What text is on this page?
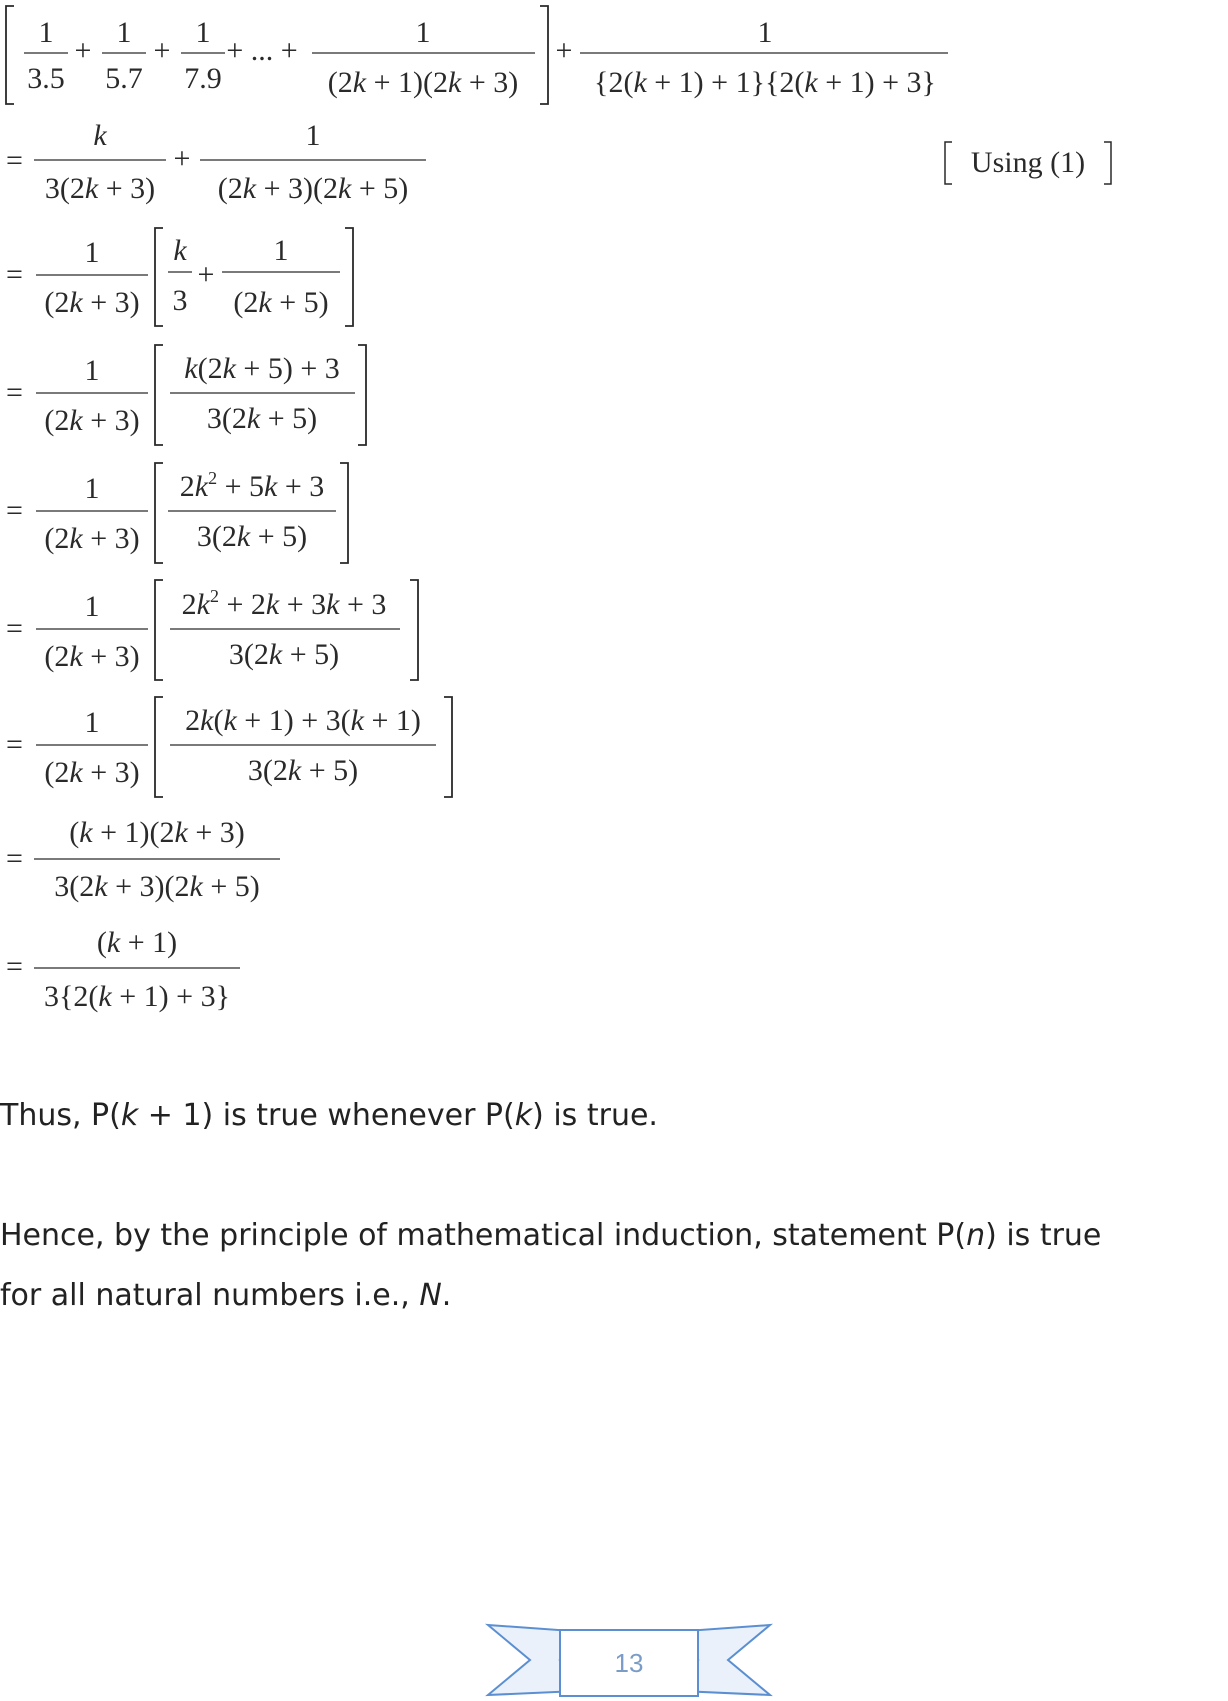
1
3.5
+
1
5.7
+
1
7.9
+ ... +
1
(2k + 1)(2k + 3)
+
1
{2(k + 1) + 1}{2(k + 1) + 3}
=
k
3(2k + 3)
+
1
(2k + 3)(2k + 5)
Using (1)
=
1
(2k + 3)
k
3
+
1
(2k + 5)
=
1
(2k + 3)
k(2k + 5) + 3
3(2k + 5)
=
1
(2k + 3)
$2k^2 + 5k + 3$
3(2k + 5)
=
1
(2k + 3)
$2k^2 + 2k + 3k + 3$
3(2k + 5)
=
1
(2k + 3)
2k(k + 1) + 3(k + 1)
3(2k + 5)
=
(k + 1)(2k + 3)
3(2k + 3)(2k + 5)
=
(k + 1)
3{2(k + 1) + 3}

Thus, P(k + 1) is true whenever P(k) is true.

Hence, by the principle of mathematical induction, statement P(n) is true

for all natural numbers i.e., N.

13
